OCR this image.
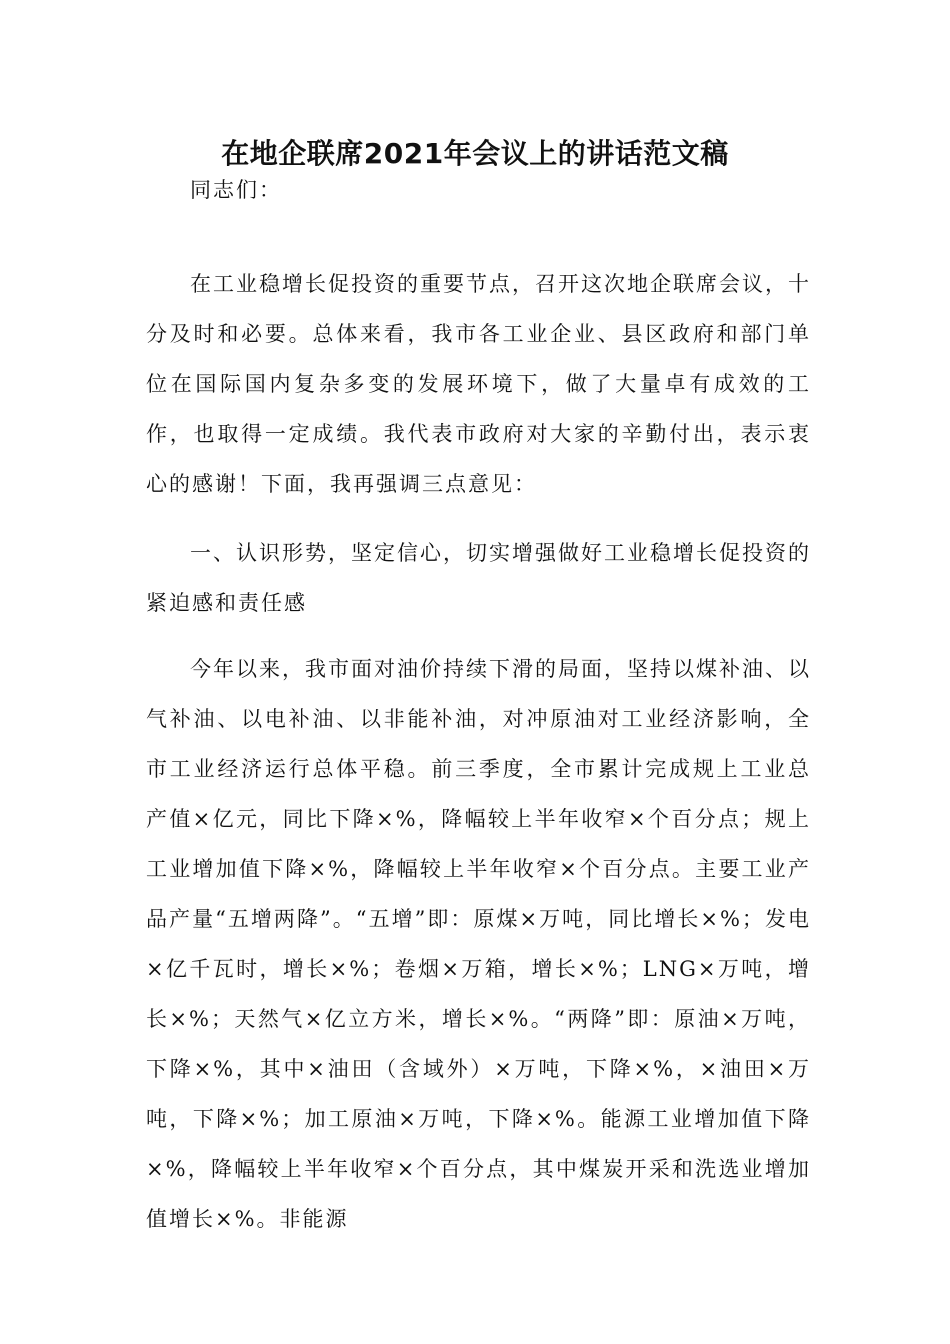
在地企联席2021年会议上的讲话范文稿
同志们：
在工业稳增长促投资的重要节点，召开这次地企联席会议，十分及时和必要。总体来看，我市各工业企业、县区政府和部门单位在国际国内复杂多变的发展环境下，做了大量卓有成效的工作，也取得一定成绩。我代表市政府对大家的辛勤付出，表示衷心的感谢！下面，我再强调三点意见：
一、认识形势，坚定信心，切实增强做好工业稳增长促投资的紧迫感和责任感
今年以来，我市面对油价持续下滑的局面，坚持以煤补油、以气补油、以电补油、以非能补油，对冲原油对工业经济影响，全市工业经济运行总体平稳。前三季度，全市累计完成规上工业总产值×亿元，同比下降×%，降幅较上半年收窄×个百分点；规上工业增加值下降×%，降幅较上半年收窄×个百分点。主要工业产品产量“五增两降”。“五增”即：原煤×万吨，同比增长×%；发电×亿千瓦时，增长×%；卷烟×万箱，增长×%；LNG×万吨，增长×%；天然气×亿立方米，增长×%。“两降”即：原油×万吨，下降×%，其中×油田（含域外）×万吨，下降×%，×油田×万吨，下降×%；加工原油×万吨，下降×%。能源工业增加值下降×%，降幅较上半年收窄×个百分点，其中煤炭开采和洗选业增加值增长×%。非能源
